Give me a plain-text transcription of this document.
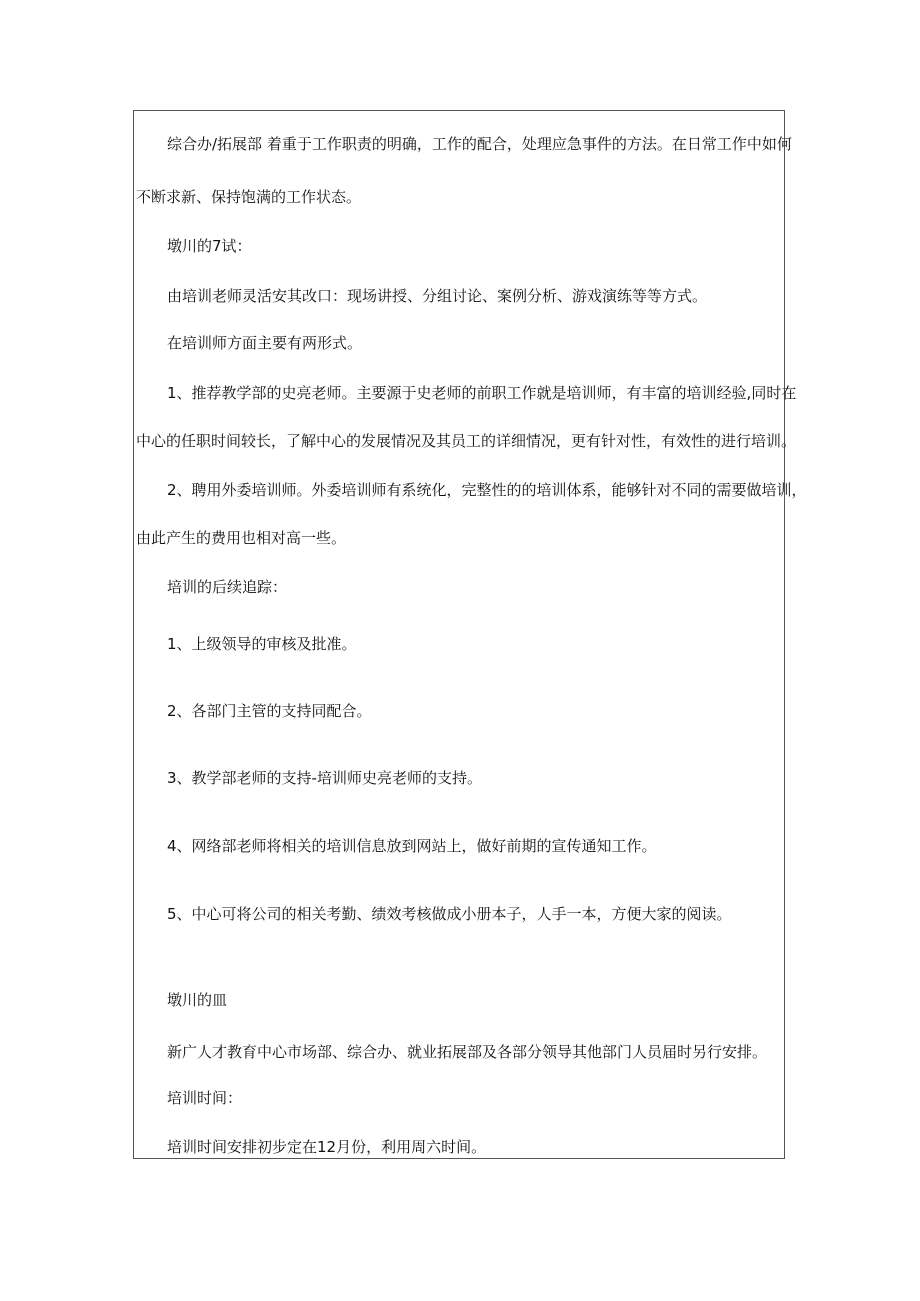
综合办/拓展部 着重于工作职责的明确，工作的配合，处理应急事件的方法。在日常工作中如何

不断求新、保持饱满的工作状态。

墩川的7试：

由培训老师灵活安其改口：现场讲授、分组讨论、案例分析、游戏演练等等方式。

在培训师方面主要有两形式。

1、推荐教学部的史亮老师。主要源于史老师的前职工作就是培训师，有丰富的培训经验,同时在

中心的任职时间较长，了解中心的发展情况及其员工的详细情况，更有针对性，有效性的进行培训。

2、聘用外委培训师。外委培训师有系统化，完整性的的培训体系，能够针对不同的需要做培训，

由此产生的费用也相对高一些。

培训的后续追踪：

1、上级领导的审核及批准。

2、各部门主管的支持同配合。

3、教学部老师的支持-培训师史亮老师的支持。

4、网络部老师将相关的培训信息放到网站上，做好前期的宣传通知工作。

5、中心可将公司的相关考勤、绩效考核做成小册本子，人手一本，方便大家的阅读。

墩川的皿

新广人才教育中心市场部、综合办、就业拓展部及各部分领导其他部门人员届时另行安排。

培训时间：

培训时间安排初步定在12月份，利用周六时间。
